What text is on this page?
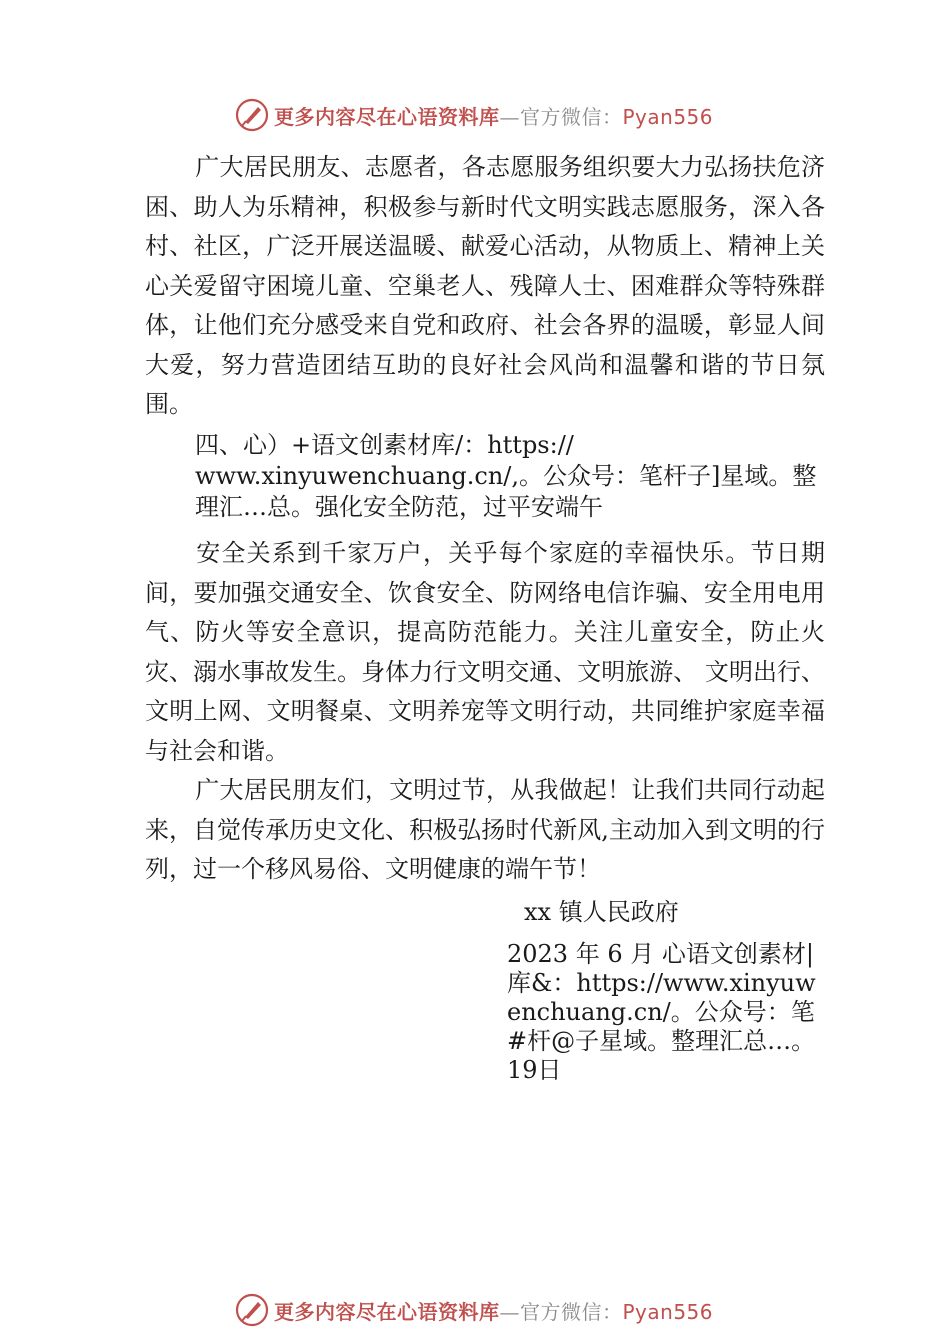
更多内容尽在心语资料库—官方微信：Pyan556

广大居民朋友、志愿者，各志愿服务组织要大力弘扬扶危济困、助人为乐精神，积极参与新时代文明实践志愿服务，深入各村、社区，广泛开展送温暖、献爱心活动，从物质上、精神上关心关爱留守困境儿童、空巢老人、残障人士、困难群众等特殊群体，让他们充分感受来自党和政府、社会各界的温暖，彰显人间大爱，努力营造团结互助的良好社会风尚和温馨和谐的节日氛围。

四、心）+语文创素材库/：https://
www.xinyuwenchuang.cn/,。公众号：笔杆子]星域。整
理汇…总。强化安全防范，过平安端午

安全关系到千家万户，关乎每个家庭的幸福快乐。节日期间，要加强交通安全、饮食安全、防网络电信诈骗、安全用电用气、防火等安全意识，提高防范能力。关注儿童安全，防止火灾、溺水事故发生。身体力行文明交通、文明旅游、 文明出行、文明上网、文明餐桌、文明养宠等文明行动，共同维护家庭幸福与社会和谐。

广大居民朋友们，文明过节，从我做起！让我们共同行动起来，自觉传承历史文化、积极弘扬时代新风,主动加入到文明的行列，过一个移风易俗、文明健康的端午节！

xx 镇人民政府

2023 年 6 月 心语文创素材|库&：https://www.xinyuwenchuang.cn/。公众号：笔#杆@子星域。整理汇总…。19日

更多内容尽在心语资料库—官方微信：Pyan556
